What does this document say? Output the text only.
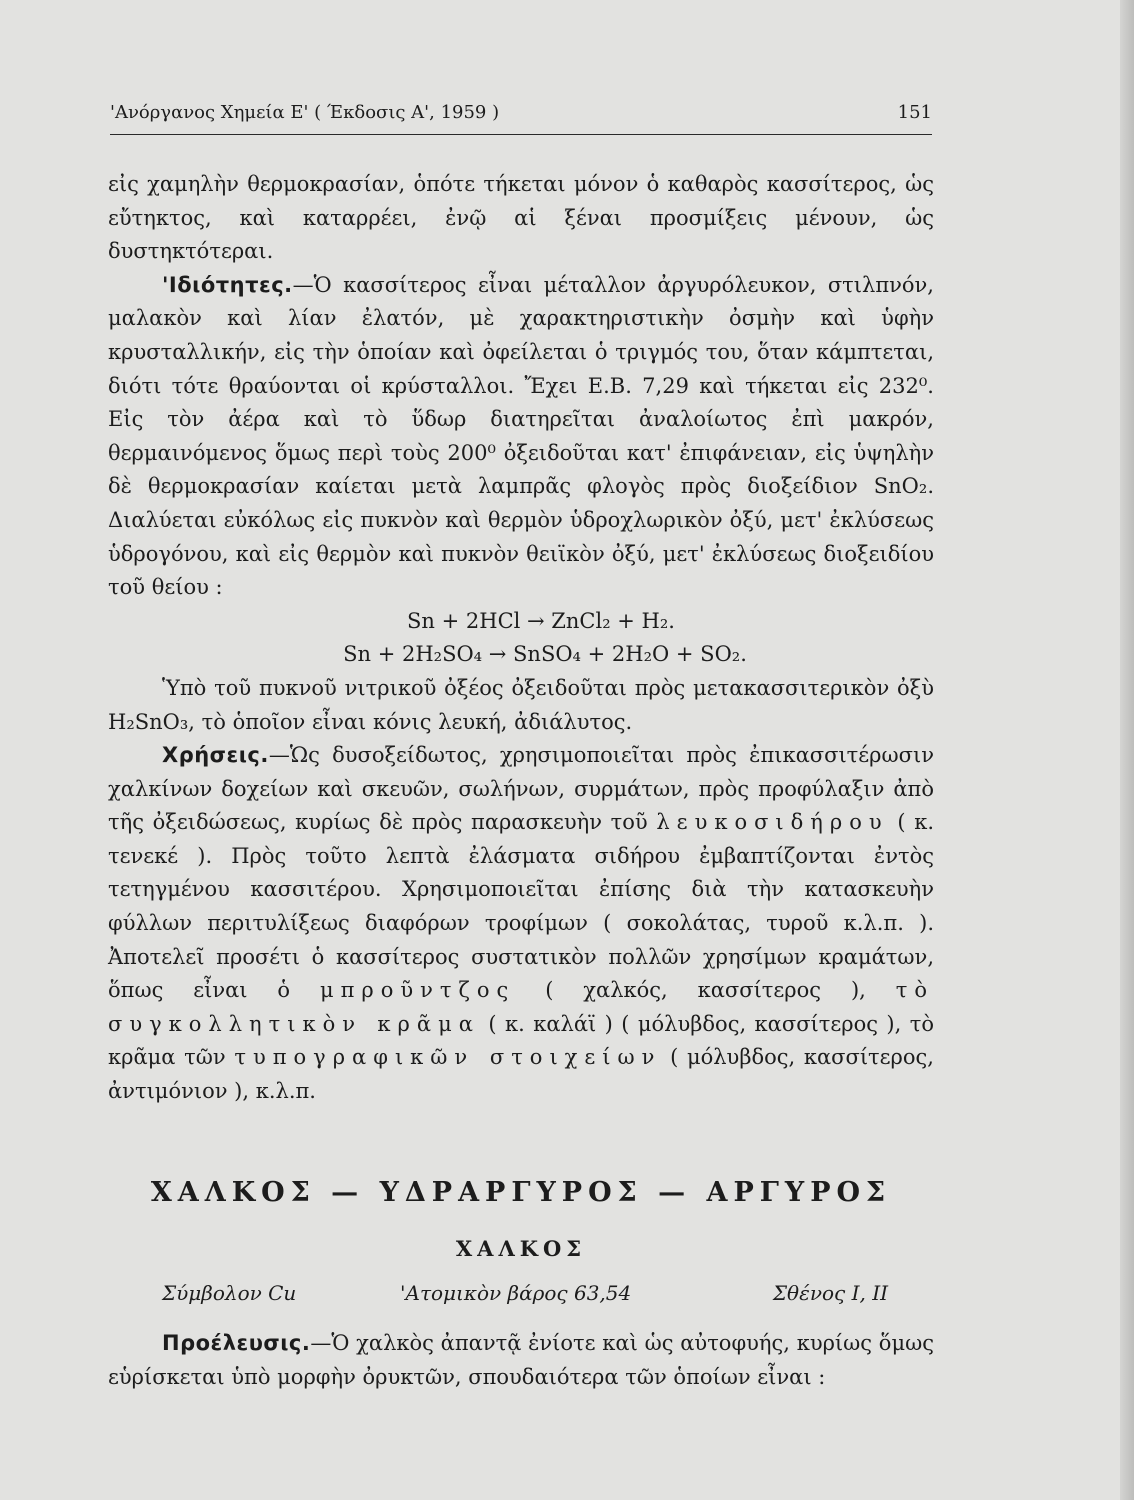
'Ανόργανος Χημεία Ε' ( Έκδοσις Α', 1959 )	151

εἰς χαμηλὴν θερμοκρασίαν, ὁπότε τήκεται μόνον ὁ καθαρὸς κασσίτερος, ὡς εὔτηκτος, καὶ καταρρέει, ἐνῷ αἱ ξέναι προσμίξεις μένουν, ὡς δυστηκτότεραι.

'Ιδιότητες.—Ὁ κασσίτερος εἶναι μέταλλον ἀργυρόλευκον, στιλπνόν, μαλακὸν καὶ λίαν ἐλατόν, μὲ χαρακτηριστικὴν ὀσμὴν καὶ ὑφὴν κρυσταλλικήν, εἰς τὴν ὁποίαν καὶ ὀφείλεται ὁ τριγμός του, ὅταν κάμπτεται, διότι τότε θραύονται οἱ κρύσταλλοι. Ἔχει Ε.Β. 7,29 καὶ τήκεται εἰς 232⁰. Εἰς τὸν ἀέρα καὶ τὸ ὕδωρ διατηρεῖται ἀναλοίωτος ἐπὶ μακρόν, θερμαινόμενος ὅμως περὶ τοὺς 200⁰ ὀξειδοῦται κατ' ἐπιφάνειαν, εἰς ὑψηλὴν δὲ θερμοκρασίαν καίεται μετὰ λαμπρᾶς φλογὸς πρὸς διοξείδιον SnO₂. Διαλύεται εὐκόλως εἰς πυκνὸν καὶ θερμὸν ὑδροχλωρικὸν ὀξύ, μετ' ἐκλύσεως ὑδρογόνου, καὶ εἰς θερμὸν καὶ πυκνὸν θειϊκὸν ὀξύ, μετ' ἐκλύσεως διοξειδίου τοῦ θείου :

Sn + 2HCl → ZnCl₂ + H₂.

Sn + 2H₂SO₄ → SnSO₄ + 2H₂O + SO₂.

Ὑπὸ τοῦ πυκνοῦ νιτρικοῦ ὀξέος ὀξειδοῦται πρὸς μετακασσιτερικὸν ὀξὺ H₂SnO₃, τὸ ὁποῖον εἶναι κόνις λευκή, ἀδιάλυτος.

Χρήσεις.—Ὡς δυσοξείδωτος, χρησιμοποιεῖται πρὸς ἐπικασσιτέρωσιν χαλκίνων δοχείων καὶ σκευῶν, σωλήνων, συρμάτων, πρὸς προφύλαξιν ἀπὸ τῆς ὀξειδώσεως, κυρίως δὲ πρὸς παρασκευὴν τοῦ λευκοσιδήρου ( κ. τενεκέ ). Πρὸς τοῦτο λεπτὰ ἐλάσματα σιδήρου ἐμβαπτίζονται ἐντὸς τετηγμένου κασσιτέρου. Χρησιμοποιεῖται ἐπίσης διὰ τὴν κατασκευὴν φύλλων περιτυλίξεως διαφόρων τροφίμων ( σοκολάτας, τυροῦ κ.λ.π. ). Ἀποτελεῖ προσέτι ὁ κασσίτερος συστατικὸν πολλῶν χρησίμων κραμάτων, ὅπως εἶναι ὁ μπροῦντζος ( χαλκός, κασσίτερος ), τὸ συγκολλητικὸν κρᾶμα ( κ. καλάϊ ) ( μόλυβδος, κασσίτερος ), τὸ κρᾶμα τῶν τυπογραφικῶν στοιχείων ( μόλυβδος, κασσίτερος, ἀντιμόνιον ), κ.λ.π.

ΧΑΛΚΟΣ — ΥΔΡΑΡΓΥΡΟΣ — ΑΡΓΥΡΟΣ
ΧΑΛΚΟΣ
Σύμβολον Cu	'Ατομικὸν βάρος 63,54	Σθένος Ι, ΙΙ

Προέλευσις.—Ὁ χαλκὸς ἀπαντᾷ ἐνίοτε καὶ ὡς αὐτοφυής, κυρίως ὅμως εὑρίσκεται ὑπὸ μορφὴν ὀρυκτῶν, σπουδαιότερα τῶν ὁποίων εἶναι :
